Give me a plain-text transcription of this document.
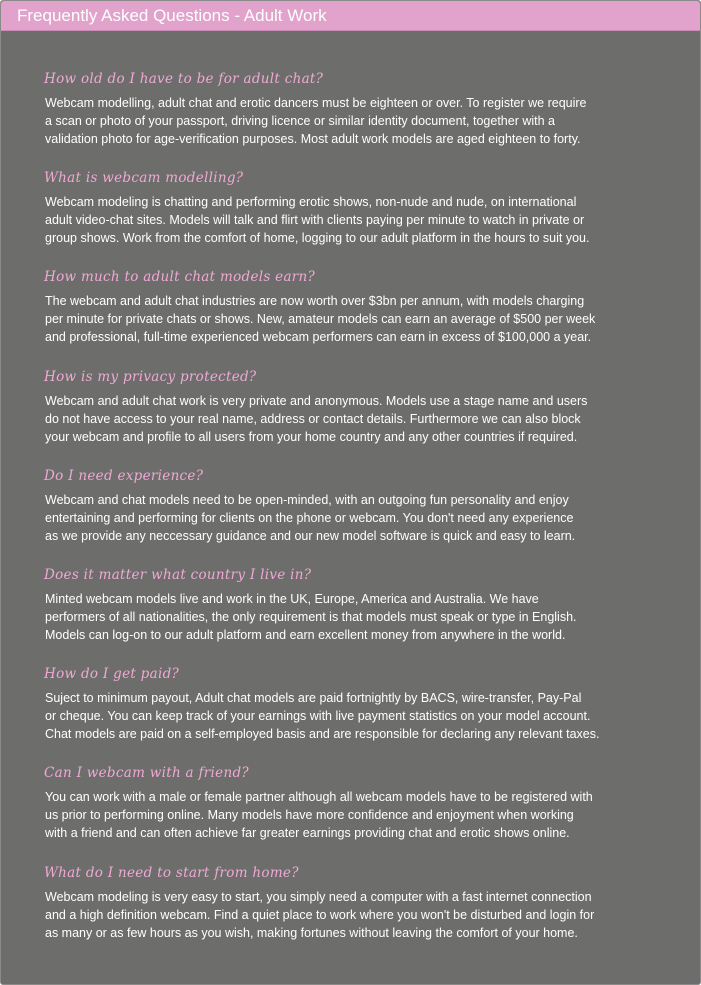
Frequently Asked Questions - Adult Work
How old do I have to be for adult chat?
Webcam modelling, adult chat and erotic dancers must be eighteen or over. To register we require
a scan or photo of your passport, driving licence or similar identity document, together with a
validation photo for age-verification purposes. Most adult work models are aged eighteen to forty.
What is webcam modelling?
Webcam modeling is chatting and performing erotic shows, non-nude and nude, on international
adult video-chat sites. Models will talk and flirt with clients paying per minute to watch in private or
group shows. Work from the comfort of home, logging to our adult platform in the hours to suit you.
How much to adult chat models earn?
The webcam and adult chat industries are now worth over $3bn per annum, with models charging
per minute for private chats or shows. New, amateur models can earn an average of $500 per week
and professional, full-time experienced webcam performers can earn in excess of $100,000 a year.
How is my privacy protected?
Webcam and adult chat work is very private and anonymous. Models use a stage name and users
do not have access to your real name, address or contact details. Furthermore we can also block
your webcam and profile to all users from your home country and any other countries if required.
Do I need experience?
Webcam and chat models need to be open-minded, with an outgoing fun personality and enjoy
entertaining and performing for clients on the phone or webcam. You don't need any experience
as we provide any neccessary guidance and our new model software is quick and easy to learn.
Does it matter what country I live in?
Minted webcam models live and work in the UK, Europe, America and Australia. We have
performers of all nationalities, the only requirement is that models must speak or type in English.
Models can log-on to our adult platform and earn excellent money from anywhere in the world.
How do I get paid?
Suject to minimum payout, Adult chat models are paid fortnightly by BACS, wire-transfer, Pay-Pal
or cheque. You can keep track of your earnings with live payment statistics on your model account.
Chat models are paid on a self-employed basis and are responsible for declaring any relevant taxes.
Can I webcam with a friend?
You can work with a male or female partner although all webcam models have to be registered with
us prior to performing online. Many models have more confidence and enjoyment when working
with a friend and can often achieve far greater earnings providing chat and erotic shows online.
What do I need to start from home?
Webcam modeling is very easy to start, you simply need a computer with a fast internet connection
and a high definition webcam. Find a quiet place to work where you won't be disturbed and login for
as many or as few hours as you wish, making fortunes without leaving the comfort of your home.
